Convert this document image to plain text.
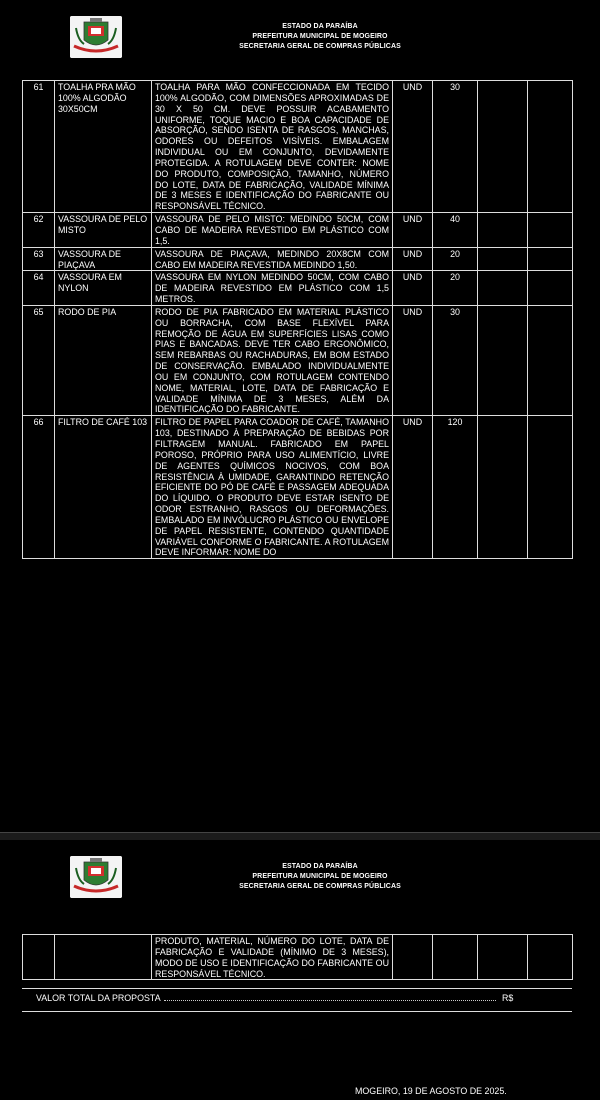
ESTADO DA PARAÍBA
PREFEITURA MUNICIPAL DE MOGEIRO
SECRETARIA GERAL DE COMPRAS PÚBLICAS
61	TOALHA PRA MÃO 100% ALGODÃO 30X50CM	TOALHA PARA MÃO CONFECCIONADA EM TECIDO 100% ALGODÃO, COM DIMENSÕES APROXIMADAS DE 30 X 50 CM. DEVE POSSUIR ACABAMENTO UNIFORME, TOQUE MACIO E BOA CAPACIDADE DE ABSORÇÃO, SENDO ISENTA DE RASGOS, MANCHAS, ODORES OU DEFEITOS VISÍVEIS. EMBALAGEM INDIVIDUAL OU EM CONJUNTO, DEVIDAMENTE PROTEGIDA. A ROTULAGEM DEVE CONTER: NOME DO PRODUTO, COMPOSIÇÃO, TAMANHO, NÚMERO DO LOTE, DATA DE FABRICAÇÃO, VALIDADE MÍNIMA DE 3 MESES E IDENTIFICAÇÃO DO FABRICANTE OU RESPONSÁVEL TÉCNICO.	UND	30		
62	VASSOURA DE PELO MISTO	VASSOURA DE PELO MISTO: MEDINDO 50CM, COM CABO DE MADEIRA REVESTIDO EM PLÁSTICO COM 1,5.	UND	40		
63	VASSOURA DE PIAÇAVA	VASSOURA DE PIAÇAVA, MEDINDO 20X8CM COM CABO EM MADEIRA REVESTIDA MEDINDO 1,50.	UND	20		
64	VASSOURA EM NYLON	VASSOURA EM NYLON MEDINDO 50CM, COM CABO DE MADEIRA REVESTIDO EM PLÁSTICO COM 1,5 METROS.	UND	20		
65	RODO DE PIA	RODO DE PIA FABRICADO EM MATERIAL PLÁSTICO OU BORRACHA, COM BASE FLEXÍVEL PARA REMOÇÃO DE ÁGUA EM SUPERFÍCIES LISAS COMO PIAS E BANCADAS. DEVE TER CABO ERGONÔMICO, SEM REBARBAS OU RACHADURAS, EM BOM ESTADO DE CONSERVAÇÃO. EMBALADO INDIVIDUALMENTE OU EM CONJUNTO, COM ROTULAGEM CONTENDO NOME, MATERIAL, LOTE, DATA DE FABRICAÇÃO E VALIDADE MÍNIMA DE 3 MESES, ALÉM DA IDENTIFICAÇÃO DO FABRICANTE.	UND	30		
66	FILTRO DE CAFÉ 103	FILTRO DE PAPEL PARA COADOR DE CAFÉ, TAMANHO 103, DESTINADO À PREPARAÇÃO DE BEBIDAS POR FILTRAGEM MANUAL. FABRICADO EM PAPEL POROSO, PRÓPRIO PARA USO ALIMENTÍCIO, LIVRE DE AGENTES QUÍMICOS NOCIVOS, COM BOA RESISTÊNCIA À UMIDADE, GARANTINDO RETENÇÃO EFICIENTE DO PÓ DE CAFÉ E PASSAGEM ADEQUADA DO LÍQUIDO. O PRODUTO DEVE ESTAR ISENTO DE ODOR ESTRANHO, RASGOS OU DEFORMAÇÕES. EMBALADO EM INVÓLUCRO PLÁSTICO OU ENVELOPE DE PAPEL RESISTENTE, CONTENDO QUANTIDADE VARIÁVEL CONFORME O FABRICANTE. A ROTULAGEM DEVE INFORMAR: NOME DO	UND	120		
ESTADO DA PARAÍBA
PREFEITURA MUNICIPAL DE MOGEIRO
SECRETARIA GERAL DE COMPRAS PÚBLICAS
		PRODUTO, MATERIAL, NÚMERO DO LOTE, DATA DE FABRICAÇÃO E VALIDADE (MÍNIMO DE 3 MESES), MODO DE USO E IDENTIFICAÇÃO DO FABRICANTE OU RESPONSÁVEL TÉCNICO.				
VALOR TOTAL DA PROPOSTA	R$
MOGEIRO, 19 DE AGOSTO DE 2025.
